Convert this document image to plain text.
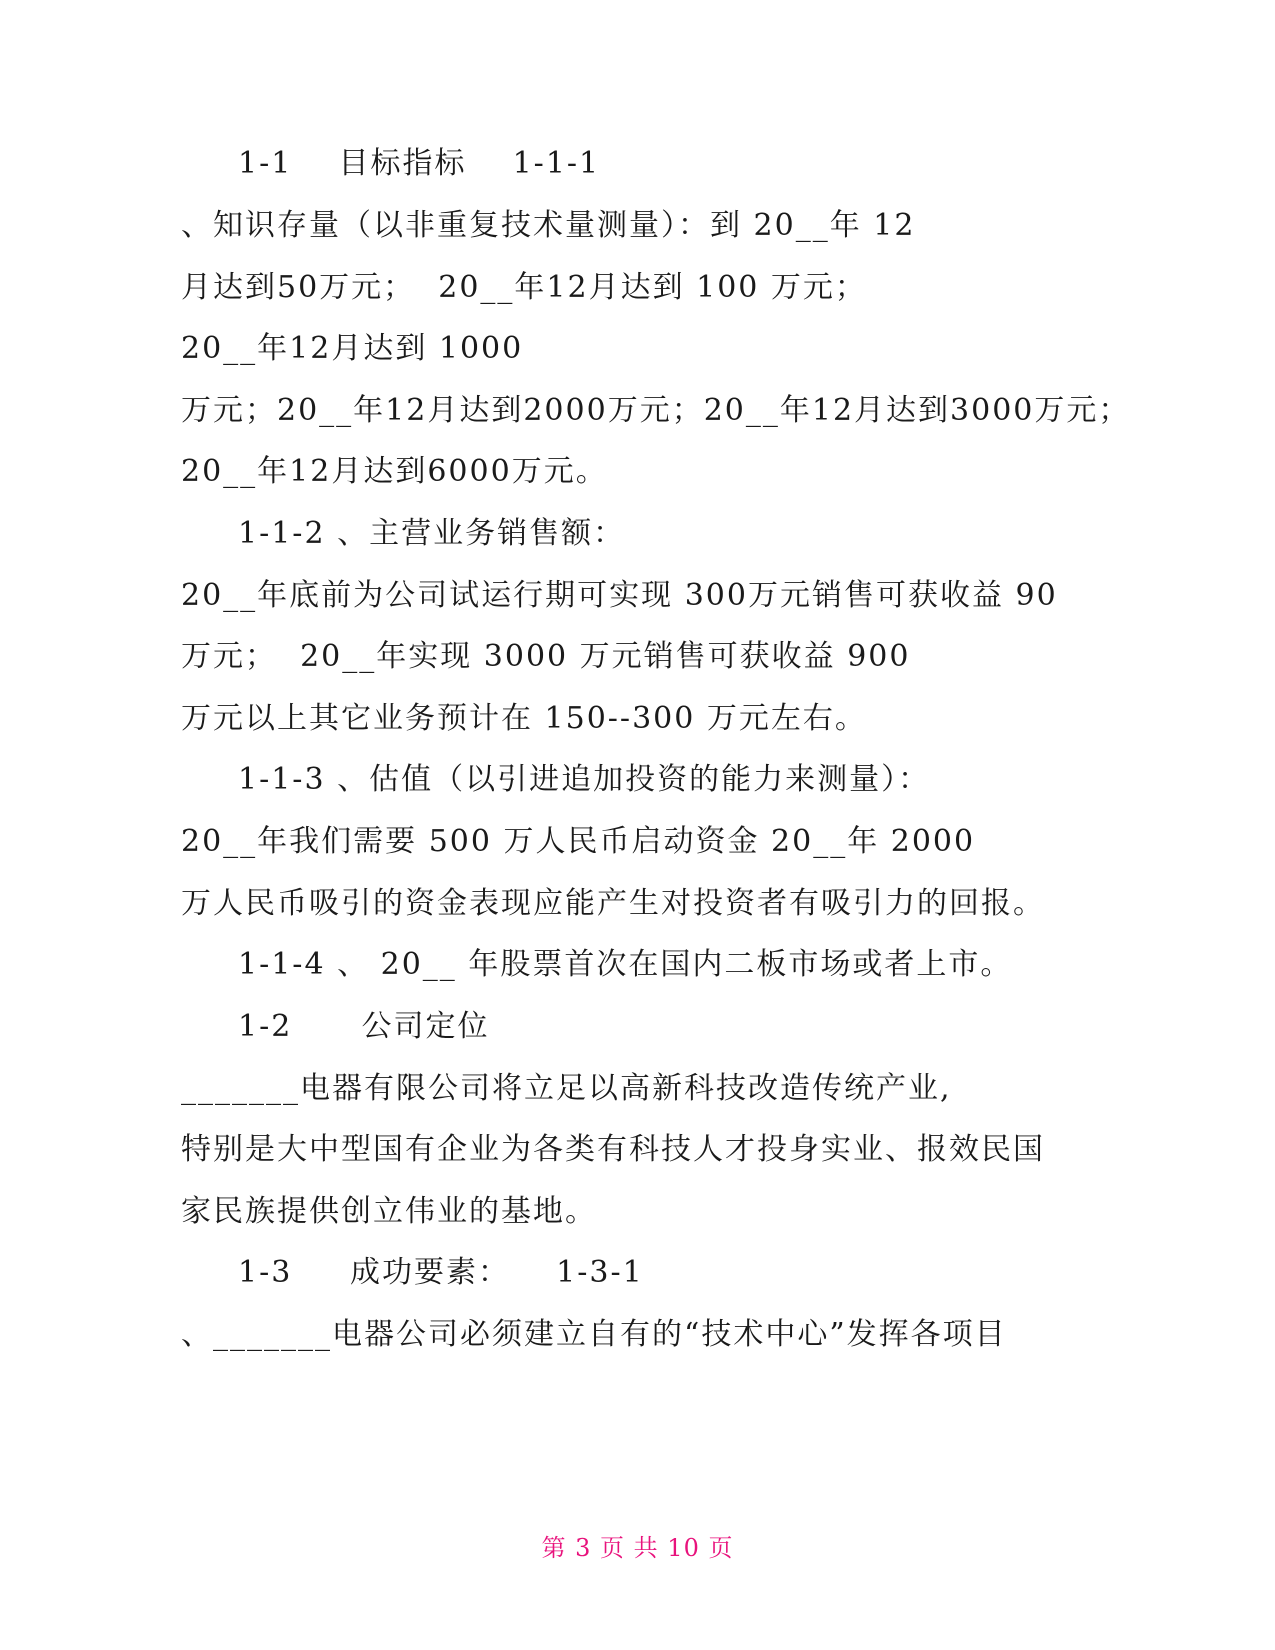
1-1    目标指标    1-1-1
、知识存量（以非重复技术量测量）：到 20__年 12
月达到50万元；  20__年12月达到 100 万元；
20__年12月达到 1000
万元；20__年12月达到2000万元；20__年12月达到3000万元；
20__年12月达到6000万元。
1-1-2 、主营业务销售额：
20__年底前为公司试运行期可实现 300万元销售可获收益 90
万元；  20__年实现 3000 万元销售可获收益 900
万元以上其它业务预计在 150--300 万元左右。
1-1-3 、估值（以引进追加投资的能力来测量）：
20__年我们需要 500 万人民币启动资金 20__年 2000
万人民币吸引的资金表现应能产生对投资者有吸引力的回报。
1-1-4 、 20__ 年股票首次在国内二板市场或者上市。
1-2      公司定位
_______电器有限公司将立足以高新科技改造传统产业,
特别是大中型国有企业为各类有科技人才投身实业、报效民国
家民族提供创立伟业的基地。
1-3     成功要素：    1-3-1
、_______电器公司必须建立自有的“技术中心”发挥各项目
第 3 页 共 10 页
